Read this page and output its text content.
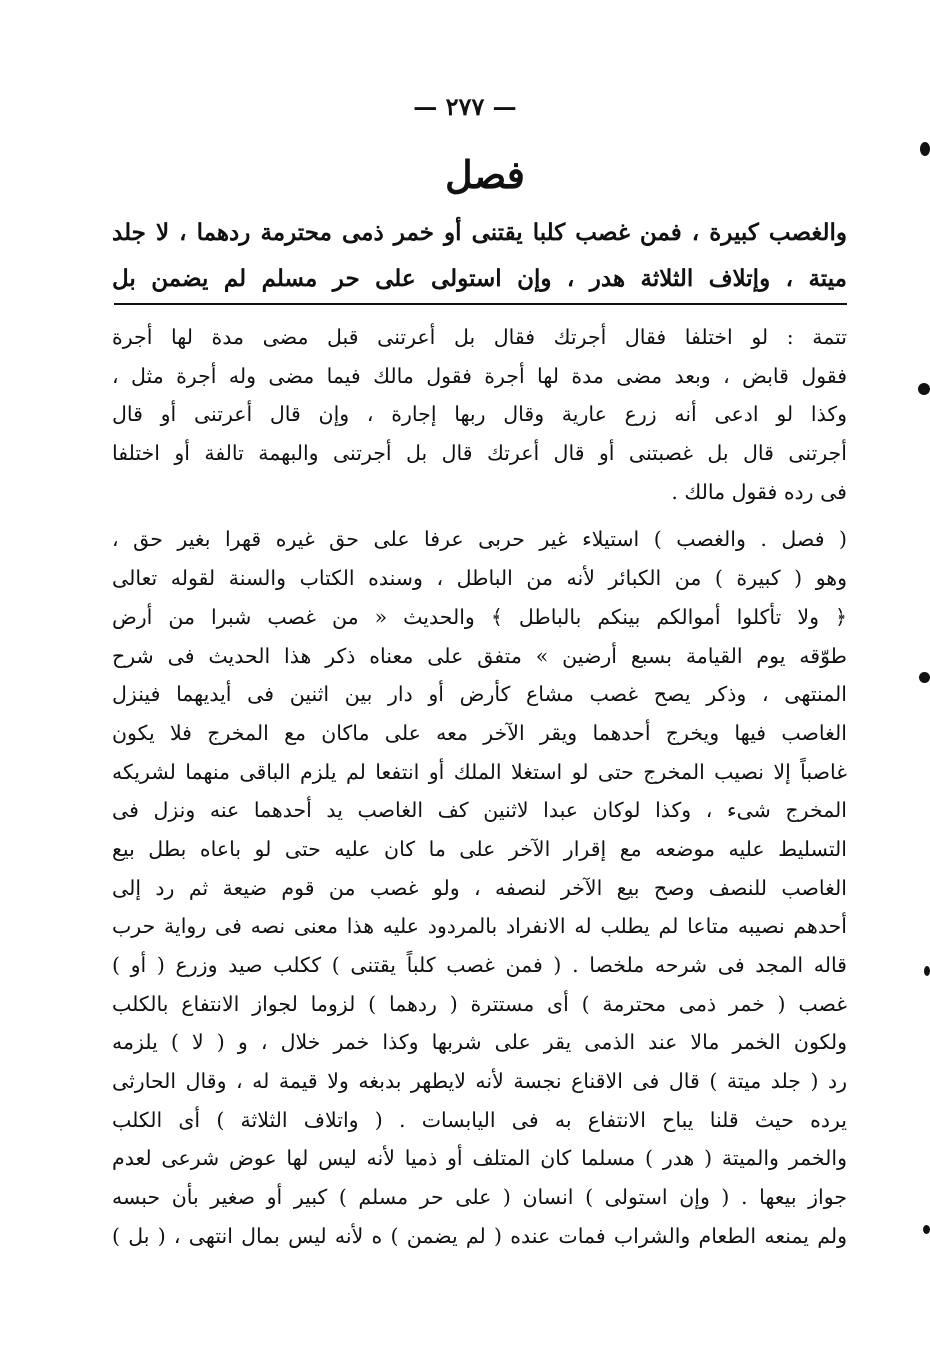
— ٢٧٧ —
فصل
والغصب كبيرة ، فمن غصب كلبا يقتنى أو خمر ذمى محترمة ردهما ، لا جلد
ميتة ، وإتلاف الثلاثة هدر ، وإن استولى على حر مسلم لم يضمن بل
تتمة : لو اختلفا فقال أجرتك فقال بل أعرتنى قبل مضى مدة لها أجرة
فقول قابض ، وبعد مضى مدة لها أجرة فقول مالك فيما مضى وله أجرة مثل ،
وكذا لو ادعى أنه زرع عارية وقال ربها إجارة ، وإن قال أعرتنى أو قال
أجرتنى قال بل غصبتنى أو قال أعرتك قال بل أجرتنى والبهمة تالفة أو اختلفا
فى رده فقول مالك .
( فصل . والغصب ) استيلاء غير حربى عرفا على حق غيره قهرا بغير حق ،
وهو ( كبيرة ) من الكبائر لأنه من الباطل ، وسنده الكتاب والسنة لقوله تعالى
﴿ ولا تأكلوا أموالكم بينكم بالباطل ﴾ والحديث « من غصب شبرا من أرض
طوّقه يوم القيامة بسبع أرضين » متفق على معناه ذكر هذا الحديث فى شرح
المنتهى ، وذكر يصح غصب مشاع كأرض أو دار بين اثنين فى أيديهما فينزل
الغاصب فيها ويخرج أحدهما ويقر الآخر معه على ماكان مع المخرج فلا يكون
غاصباً إلا نصيب المخرج حتى لو استغلا الملك أو انتفعا لم يلزم الباقى منهما لشريكه
المخرج شىء ، وكذا لوكان عبدا لاثنين كف الغاصب يد أحدهما عنه ونزل فى
التسليط عليه موضعه مع إقرار الآخر على ما كان عليه حتى لو باعاه بطل بيع
الغاصب للنصف وصح بيع الآخر لنصفه ، ولو غصب من قوم ضيعة ثم رد إلى
أحدهم نصيبه متاعا لم يطلب له الانفراد بالمردود عليه هذا معنى نصه فى رواية حرب
قاله المجد فى شرحه ملخصا . ( فمن غصب كلباً يقتنى ) ككلب صيد وزرع ( أو )
غصب ( خمر ذمى محترمة ) أى مستترة ( ردهما ) لزوما لجواز الانتفاع بالكلب
ولكون الخمر مالا عند الذمى يقر على شربها وكذا خمر خلال ، و ( لا ) يلزمه
رد ( جلد ميتة ) قال فى الاقناع نجسة لأنه لايطهر بدبغه ولا قيمة له ، وقال الحارثى
يرده حيث قلنا يباح الانتفاع به فى اليابسات . ( واتلاف الثلاثة ) أى الكلب
والخمر والميتة ( هدر ) مسلما كان المتلف أو ذميا لأنه ليس لها عوض شرعى لعدم
جواز بيعها . ( وإن استولى ) انسان ( على حر مسلم ) كبير أو صغير بأن حبسه
ولم يمنعه الطعام والشراب فمات عنده ( لم يضمن ) ه لأنه ليس بمال انتهى ، ( بل )
